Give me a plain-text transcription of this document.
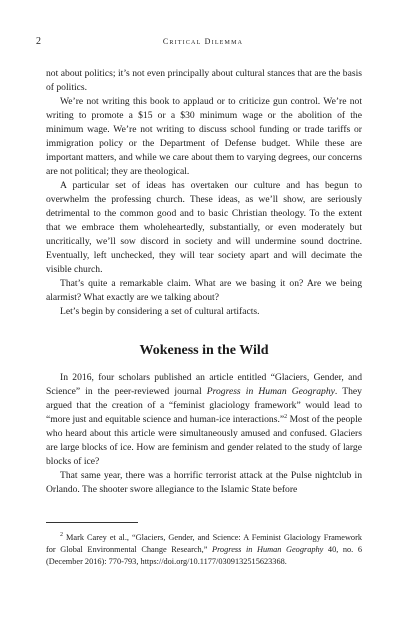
2	Critical Dilemma

not about politics; it’s not even principally about cultural stances that are the basis of politics.

We’re not writing this book to applaud or to criticize gun control. We’re not writing to promote a $15 or a $30 minimum wage or the abolition of the minimum wage. We’re not writing to discuss school funding or trade tariffs or immigration policy or the Department of Defense budget. While these are important matters, and while we care about them to varying degrees, our concerns are not political; they are theological.

A particular set of ideas has overtaken our culture and has begun to overwhelm the professing church. These ideas, as we’ll show, are seriously detrimental to the common good and to basic Christian theology. To the extent that we embrace them wholeheartedly, substantially, or even moderately but uncritically, we’ll sow discord in society and will undermine sound doctrine. Eventually, left unchecked, they will tear society apart and will decimate the visible church.

That’s quite a remarkable claim. What are we basing it on? Are we being alarmist? What exactly are we talking about?

Let’s begin by considering a set of cultural artifacts.

Wokeness in the Wild

In 2016, four scholars published an article entitled “Glaciers, Gender, and Science” in the peer-reviewed journal Progress in Human Geography. They argued that the creation of a “feminist glaciology framework” would lead to “more just and equitable science and human-ice interactions.”$^2$ Most of the people who heard about this article were simultaneously amused and confused. Glaciers are large blocks of ice. How are feminism and gender related to the study of large blocks of ice?

That same year, there was a horrific terrorist attack at the Pulse nightclub in Orlando. The shooter swore allegiance to the Islamic State before

$^2$ Mark Carey et al., “Glaciers, Gender, and Science: A Feminist Glaciology Framework for Global Environmental Change Research,” Progress in Human Geography 40, no. 6 (December 2016): 770-793, https://doi.org/10.1177/0309132515623368.
